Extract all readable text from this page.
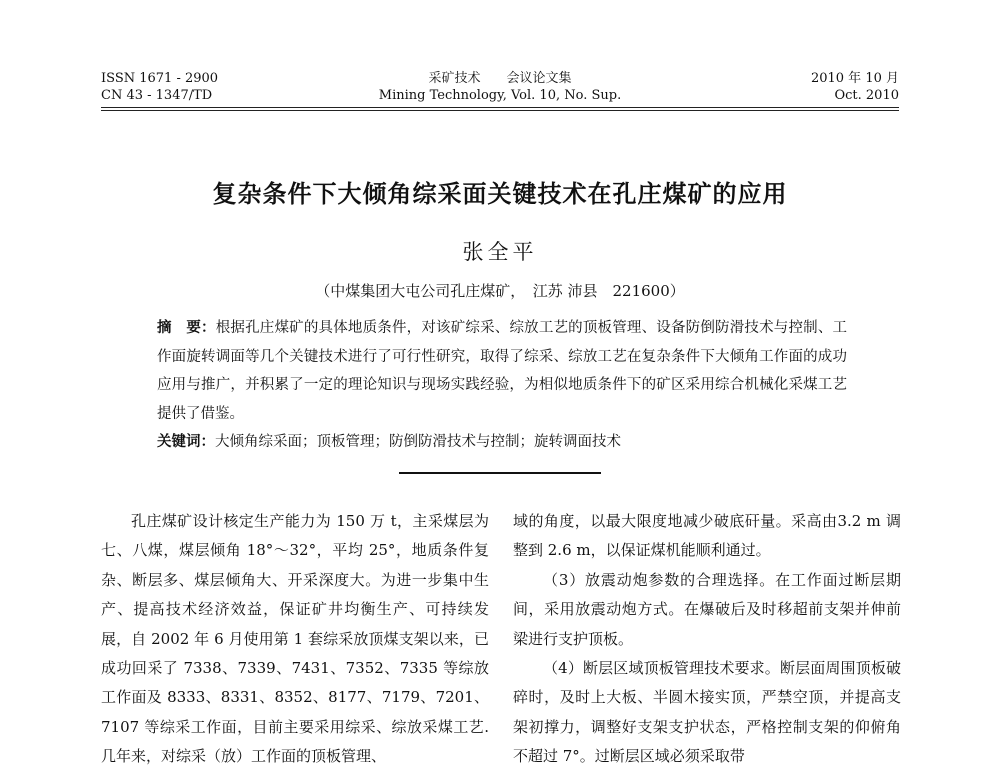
ISSN 1671 - 2900
CN 43 - 1347/TD
采矿技术　　会议论文集
Mining Technology, Vol. 10, No. Sup.
2010 年 10 月
Oct. 2010
复杂条件下大倾角综采面关键技术在孔庄煤矿的应用
张全平
（中煤集团大屯公司孔庄煤矿，　江苏 沛县　221600）
摘　要：根据孔庄煤矿的具体地质条件，对该矿综采、综放工艺的顶板管理、设备防倒防滑技术与控制、工作面旋转调面等几个关键技术进行了可行性研究，取得了综采、综放工艺在复杂条件下大倾角工作面的成功应用与推广，并积累了一定的理论知识与现场实践经验，为相似地质条件下的矿区采用综合机械化采煤工艺提供了借鉴。
关键词：大倾角综采面；顶板管理；防倒防滑技术与控制；旋转调面技术
孔庄煤矿设计核定生产能力为 150 万 t，主采煤层为七、八煤，煤层倾角 18°～32°，平均 25°，地质条件复杂、断层多、煤层倾角大、开采深度大。为进一步集中生产、提高技术经济效益，保证矿井均衡生产、可持续发展，自 2002 年 6 月使用第 1 套综采放顶煤支架以来，已成功回采了 7338、7339、7431、7352、7335 等综放工作面及 8333、8331、8352、8177、7179、7201、7107 等综采工作面，目前主要采用综采、综放采煤工艺. 几年来，对综采（放）工作面的顶板管理、
域的角度，以最大限度地减少破底矸量。采高由3.2 m 调整到 2.6 m，以保证煤机能顺利通过。
（3）放震动炮参数的合理选择。在工作面过断层期间，采用放震动炮方式。在爆破后及时移超前支架并伸前梁进行支护顶板。
（4）断层区域顶板管理技术要求。断层面周围顶板破碎时，及时上大板、半圆木接实顶，严禁空顶，并提高支架初撑力，调整好支架支护状态，严格控制支架的仰俯角不超过 7°。过断层区域必须采取带
